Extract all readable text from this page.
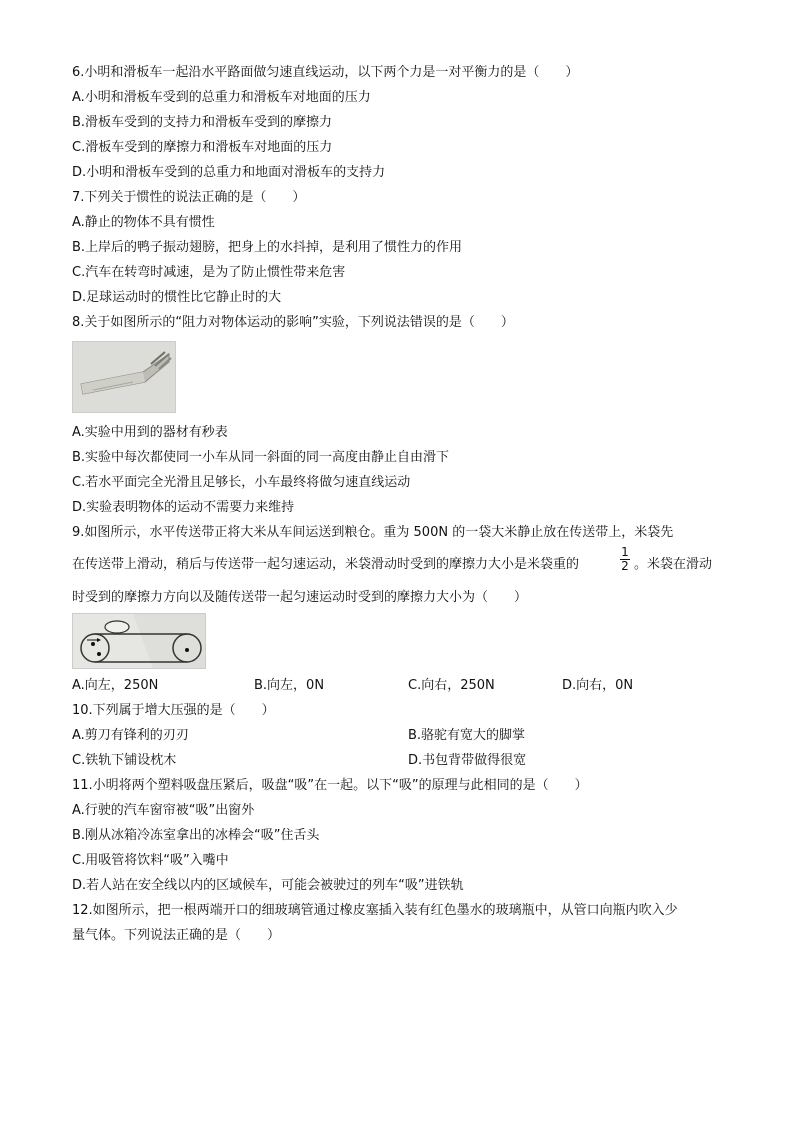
6.小明和滑板车一起沿水平路面做匀速直线运动，以下两个力是一对平衡力的是（　　）
A.小明和滑板车受到的总重力和滑板车对地面的压力
B.滑板车受到的支持力和滑板车受到的摩擦力
C.滑板车受到的摩擦力和滑板车对地面的压力
D.小明和滑板车受到的总重力和地面对滑板车的支持力
7.下列关于惯性的说法正确的是（　　）
A.静止的物体不具有惯性
B.上岸后的鸭子振动翅膀，把身上的水抖掉，是利用了惯性力的作用
C.汽车在转弯时减速，是为了防止惯性带来危害
D.足球运动时的惯性比它静止时的大
8.关于如图所示的“阻力对物体运动的影响”实验，下列说法错误的是（　　）
A.实验中用到的器材有秒表
B.实验中每次都使同一小车从同一斜面的同一高度由静止自由滑下
C.若水平面完全光滑且足够长，小车最终将做匀速直线运动
D.实验表明物体的运动不需要力来维持
9.如图所示，水平传送带正将大米从车间运送到粮仓。重为 500N 的一袋大米静止放在传送带上，米袋先
在传送带上滑动，稍后与传送带一起匀速运动，米袋滑动时受到的摩擦力大小是米袋重的
1
2 。米袋在滑动
时受到的摩擦力方向以及随传送带一起匀速运动时受到的摩擦力大小为（　　）
A.向左，250N	B.向左，0N	C.向右，250N	D.向右，0N
10.下列属于增大压强的是（　　）
A.剪刀有锋利的刃刃	B.骆驼有宽大的脚掌
C.铁轨下铺设枕木	D.书包背带做得很宽
11.小明将两个塑料吸盘压紧后，吸盘“吸”在一起。以下“吸”的原理与此相同的是（　　）
A.行驶的汽车窗帘被“吸”出窗外
B.刚从冰箱冷冻室拿出的冰棒会“吸”住舌头
C.用吸管将饮料“吸”入嘴中
D.若人站在安全线以内的区域候车，可能会被驶过的列车“吸”进铁轨
12.如图所示，把一根两端开口的细玻璃管通过橡皮塞插入装有红色墨水的玻璃瓶中，从管口向瓶内吹入少
量气体。下列说法正确的是（　　）
